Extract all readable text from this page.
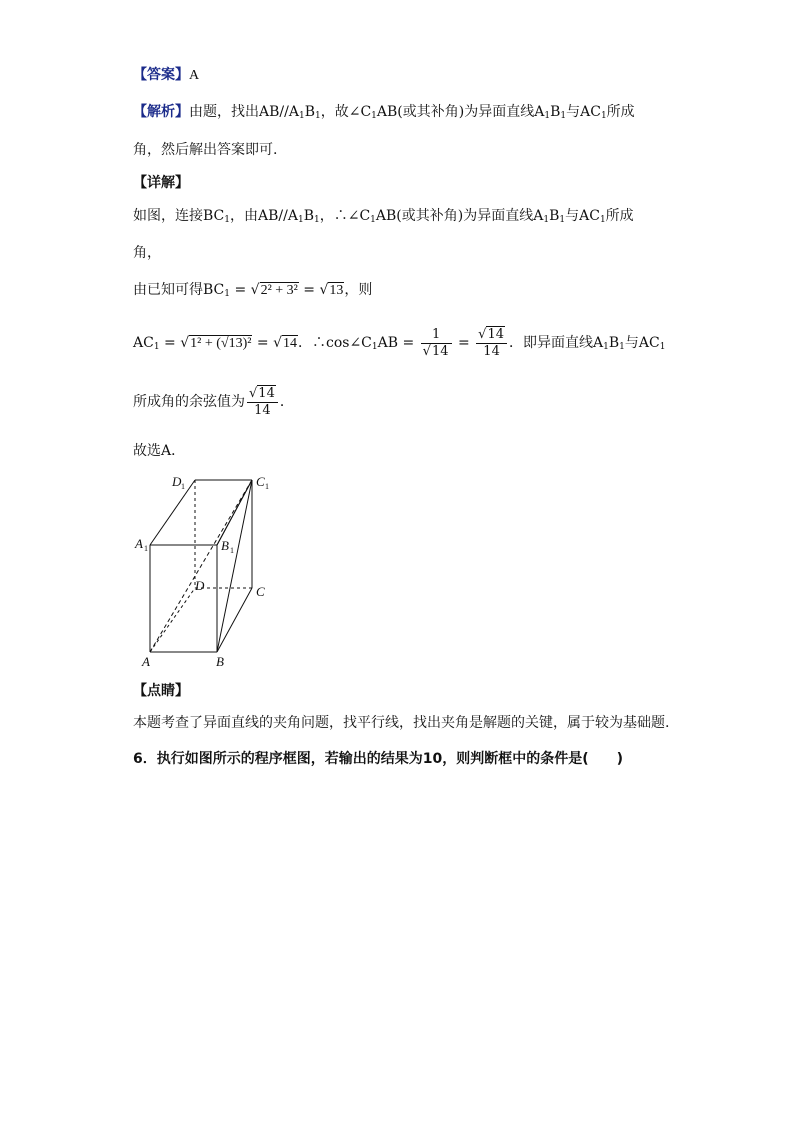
【答案】A
【解析】由题，找出$AB//A_1B_1$，故$\angle C_1AB$(或其补角)为异面直线$A_1B_1$与$AC_1$所成
角，然后解出答案即可.
【详解】
如图，连接$BC_1$，由$AB//A_1B_1$，$\therefore\angle C_1AB$(或其补角)为异面直线$A_1B_1$与$AC_1$所成
角，
由已知可得$BC_1 = √2^2 + 3^2 = √13$，则
$AC_1 = √1^2 + (√13)^2 = √14$．$\therefore\cos\angle C_1AB = \frac{1}{√14} = \frac{√14}{14}$ ．即异面直线$A_1B_1$与$AC_1$
所成角的余弦值为 $\frac{√14}{14}$ ．
故选A．
D 1	C 1
A 1	B 1
D	C
A	B
【点睛】
本题考查了异面直线的夹角问题，找平行线，找出夹角是解题的关键，属于较为基础题.
6．执行如图所示的程序框图，若输出的结果为10，则判断框中的条件是(　　)
